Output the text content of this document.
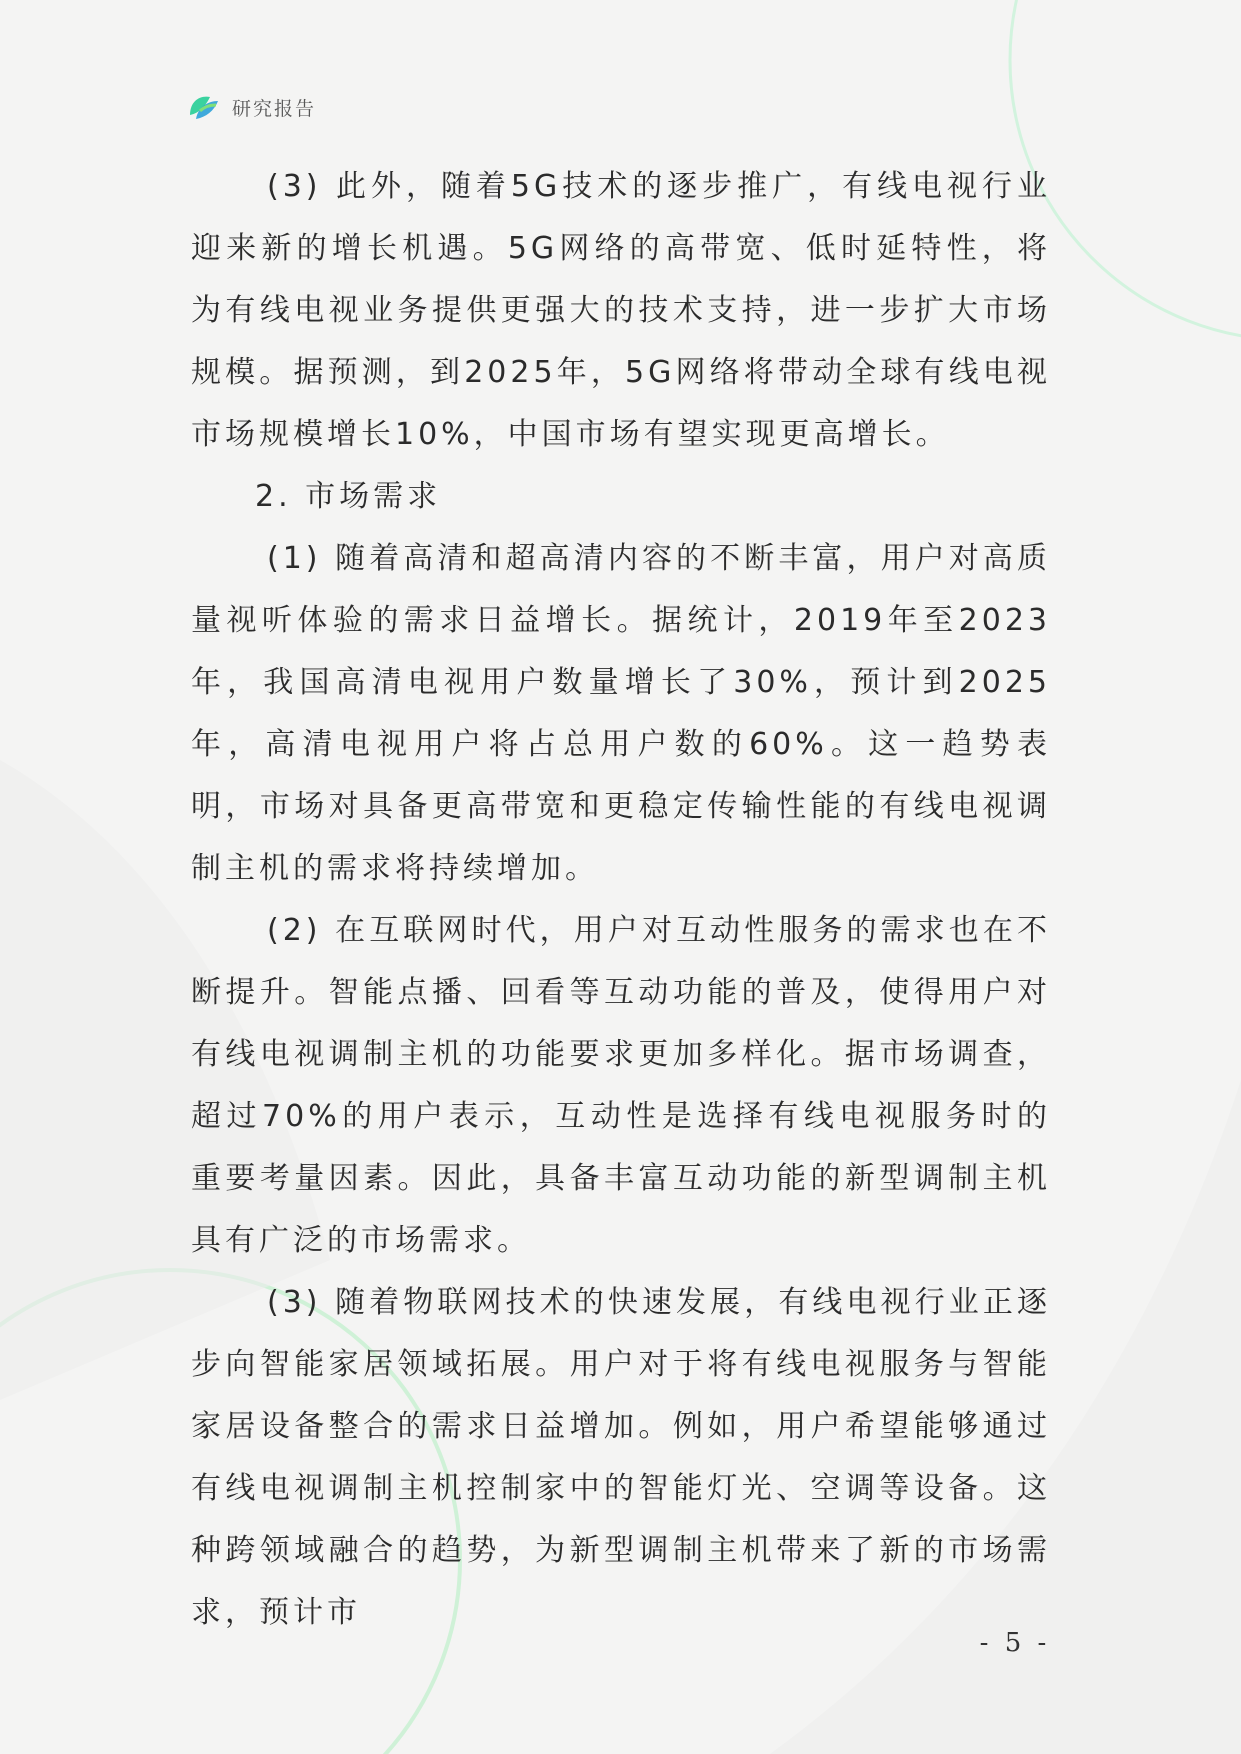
研究报告

(3) 此外，随着5G技术的逐步推广，有线电视行业迎来新的增长机遇。5G网络的高带宽、低时延特性，将为有线电视业务提供更强大的技术支持，进一步扩大市场规模。据预测，到2025年，5G网络将带动全球有线电视市场规模增长10%，中国市场有望实现更高增长。

2. 市场需求

(1) 随着高清和超高清内容的不断丰富，用户对高质量视听体验的需求日益增长。据统计，2019年至2023年，我国高清电视用户数量增长了30%，预计到2025年，高清电视用户将占总用户数的60%。这一趋势表明，市场对具备更高带宽和更稳定传输性能的有线电视调制主机的需求将持续增加。

(2) 在互联网时代，用户对互动性服务的需求也在不断提升。智能点播、回看等互动功能的普及，使得用户对有线电视调制主机的功能要求更加多样化。据市场调查，超过70%的用户表示，互动性是选择有线电视服务时的重要考量因素。因此，具备丰富互动功能的新型调制主机具有广泛的市场需求。

(3) 随着物联网技术的快速发展，有线电视行业正逐步向智能家居领域拓展。用户对于将有线电视服务与智能家居设备整合的需求日益增加。例如，用户希望能够通过有线电视调制主机控制家中的智能灯光、空调等设备。这种跨领域融合的趋势，为新型调制主机带来了新的市场需求，预计市

- 5 -
